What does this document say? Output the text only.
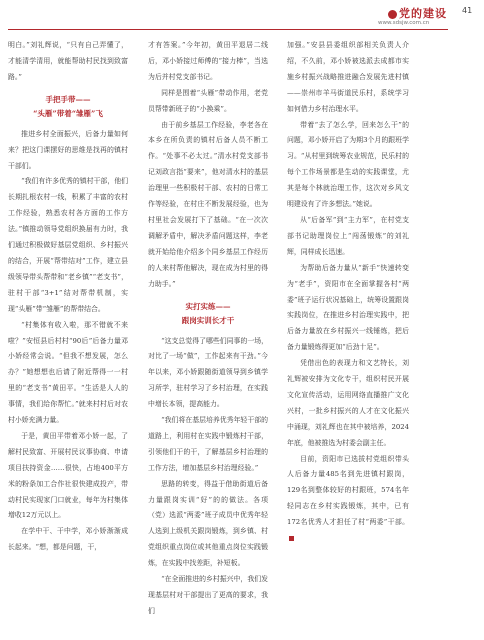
党的建设
www.sdsjw.com.cn
41

明白。”刘礼辉说，“只有自己弄懂了，才能清学清用，就能帮助村民找到致富路。”

手把手带——
“头雁”带着“雏雁”飞

推进乡村全面振兴，后备力量如何来？把这门课摆好的思维是找再的镇村干部们。

“我们有许多优秀的镇村干部，他们长期扎根农村一线，积累了丰富的农村工作经验，熟悉农村各方面的工作方法。”镇推动领导党组织换届有力时，我们通过积极做好基层党组织、乡村振兴的结合，开展“帮带结对”工作，建立县级领导带头帮带和“老乡镇”“老支书”，驻村干部“3+1”结对帮带机制，实现“头雁”带“雏雁”的帮带结合。

“村集体有收入啦，那不错就不来啦？”安恒县后村村“90后”后备力量邓小娇经常会说。“但我不想发展，怎么办？”她想想也后请了附近帮得一一村里的“老支书”黄田平。“生活是人人的事情，我们给你帮忙。”就来村村后对农村小娇充满力量。

于是，黄田平带着邓小娇一起，了解村民致富、开展村民议事协商、申请项目扶持资金……很快，占地400平方米的粉条加工合作社很快建成投产，带动村民实现家门口就业，每年为村集体增收12万元以上。

在学中干、干中学，邓小娇渐渐成长起来。“想，都是问题，干，

才有答案。”今年初，黄田平退居二线后，邓小娇接过师傅的“接力棒”，当选为后并村党支部书记。

同样是围着“头雁”带动作用，老党员帮带新班子的“小换乘”。

由于前乡基层工作经验，李老各在本乡在所负责的镇村后备人员不断工作。“处事不必太过。”清水村党支部书记刘政言指“要来”，他对清水村的基层治理里一些积极村干部、农村的日常工作等经验，在村庄不断发展经验，也为村里社会发展打下了基础。“在一次次调解矛盾中，解决矛盾问题这样，李老就开始给他介绍多个同乡基层工作经历的人来村帮他解决，现在成为村里的得力助手。”

实打实练——
跟岗实训长才干

“这支总觉得了哪些们同事的一场，对比了一场“做”，工作起来有干劲。”今年以来，邓小娇跟随街道领导到乡镇学习所学，驻村学习了乡村治理，在实践中增长本领，提高能力。

“我们将在基层培养优秀年轻干部的道路上，利用村在实践中锻炼村干部，引领他们干的干，了解基层乡村治理的工作方法，增加基层乡村治理经验。”

思路的转变，得益于借助街道后备力量跟岗实训“好”的的做法。各项（党）选派“两委”班子成员中优秀年轻人选到上级机关跟岗锻炼，到乡镇、村党组织重点岗位或其他重点岗位实践锻炼，在实践中找差距，补短板。

“在全面推进的乡村振兴中，我们发现基层村对干部提出了更高的要求，我们

加强。”安县县委组织部相关负责人介绍，不久前，邓小娇被选派去成都市实施乡村振兴战略推进融合发展先进村镇——崇州市羊马街道民乐村，系统学习如何借力乡村治理水平。

带着“去了怎么学，回来怎么干”的问题，邓小娇开启了为期3个月的跟班学习。“从村里到统筹农业规范，民乐村的每个工作场景都是生动的实践课堂，尤其是每个林就治理工作，这次对乡风文明建设有了许多想法。”她说。

从“后备军”到“主力军”，在村党支部书记助理岗位上“闯荡锻炼”的刘礼辉，同样成长迅速。

为帮助后备力量从“新手”快速转变为“老手”，资阳市在全面掌握各村“两委”班子运行状况基础上，统筹设置跟岗实践岗位，在推进乡村治理实践中，把后备力量放在乡村振兴一线锤炼，把后备力量锻炼得更加“后劲十足”。

凭借出色的表现力和文艺特长，刘礼辉被安排为文化专干，组织村民开展文化宣传活动，运用网络直播推广文化兴村，一批乡村振兴的人才在文化振兴中涌现，刘礼辉也在其中被培养，2024年底，他被推选为村委会副主任。

目前，资阳市已选拔村党组织带头人后备力量485名到先进镇村跟岗，129名到整体较好的村跟班，574名年轻同志在乡村实践锻炼，其中，已有172名优秀人才担任了村“两委”干部。
